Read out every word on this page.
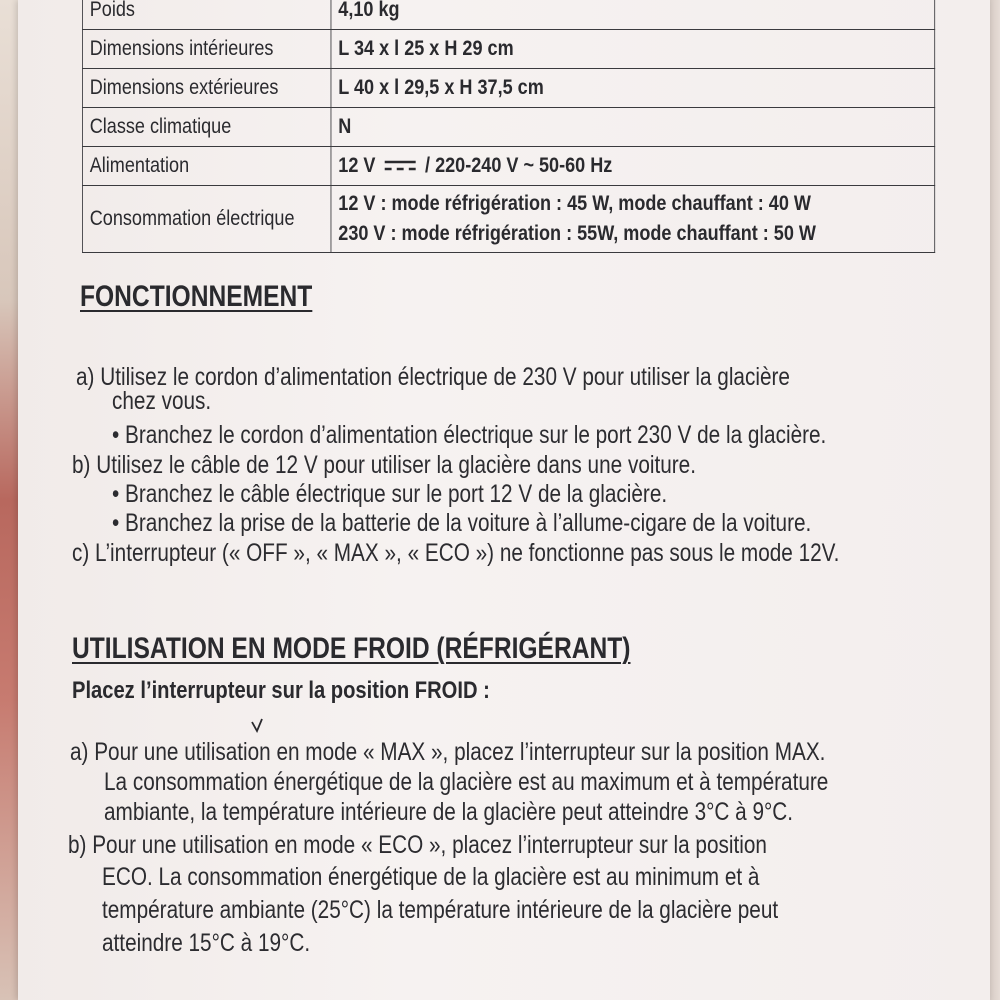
Poids	4,10 kg
Dimensions intérieures	L 34 x l 25 x H 29 cm
Dimensions extérieures	L 40 x l 29,5 x H 37,5 cm
Classe climatique	N
Alimentation	12 V / 220-240 V ~ 50-60 Hz
Consommation électrique	12 V : mode réfrigération : 45 W, mode chauffant : 40 W
230 V : mode réfrigération : 55W, mode chauffant : 50 W
FONCTIONNEMENT

a) Utilisez le cordon d’alimentation électrique de 230 V pour utiliser la glacière

chez vous.

• Branchez le cordon d’alimentation électrique sur le port 230 V de la glacière.

b) Utilisez le câble de 12 V pour utiliser la glacière dans une voiture.

• Branchez le câble électrique sur le port 12 V de la glacière.

• Branchez la prise de la batterie de la voiture à l’allume-cigare de la voiture.

c) L’interrupteur (« OFF », « MAX », « ECO ») ne fonctionne pas sous le mode 12V.

UTILISATION EN MODE FROID (RÉFRIGÉRANT)

Placez l’interrupteur sur la position FROID :

a) Pour une utilisation en mode « MAX », placez l’interrupteur sur la position MAX.

La consommation énergétique de la glacière est au maximum et à température

ambiante, la température intérieure de la glacière peut atteindre 3°C à 9°C.

b) Pour une utilisation en mode « ECO », placez l’interrupteur sur la position

ECO. La consommation énergétique de la glacière est au minimum et à

température ambiante (25°C) la température intérieure de la glacière peut

atteindre 15°C à 19°C.
